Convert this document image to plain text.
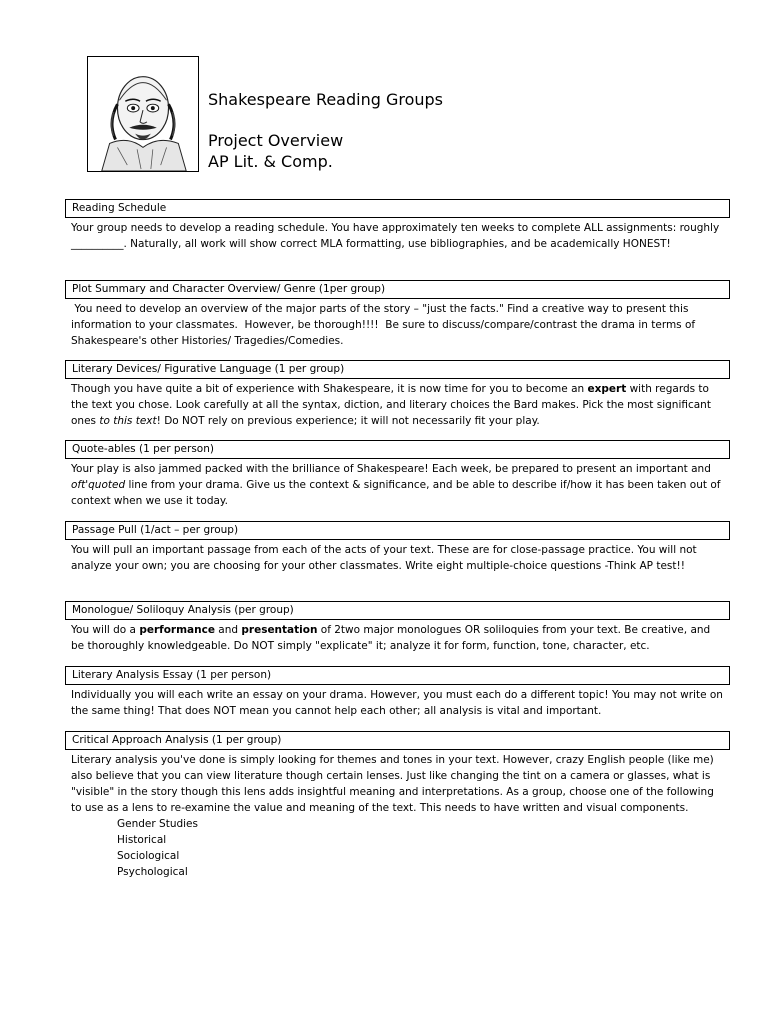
Shakespeare Reading Groups
Project Overview
AP Lit. & Comp.
Reading Schedule

Your group needs to develop a reading schedule. You have approximately ten weeks to complete ALL assignments: roughly __________. Naturally, all work will show correct MLA formatting, use bibliographies, and be academically HONEST!

Plot Summary and Character Overview/ Genre (1per group)

You need to develop an overview of the major parts of the story – "just the facts." Find a creative way to present this information to your classmates.  However, be thorough!!!!  Be sure to discuss/compare/contrast the drama in terms of Shakespeare's other Histories/ Tragedies/Comedies.

Literary Devices/ Figurative Language (1 per group)

Though you have quite a bit of experience with Shakespeare, it is now time for you to become an expert with regards to the text you chose. Look carefully at all the syntax, diction, and literary choices the Bard makes. Pick the most significant ones to this text! Do NOT rely on previous experience; it will not necessarily fit your play.

Quote-ables (1 per person)

Your play is also jammed packed with the brilliance of Shakespeare! Each week, be prepared to present an important and oft'quoted line from your drama. Give us the context & significance, and be able to describe if/how it has been taken out of context when we use it today.

Passage Pull (1/act – per group)

You will pull an important passage from each of the acts of your text. These are for close-passage practice. You will not analyze your own; you are choosing for your other classmates. Write eight multiple-choice questions -Think AP test!!

Monologue/ Soliloquy Analysis (per group)

You will do a performance and presentation of 2two major monologues OR soliloquies from your text. Be creative, and be thoroughly knowledgeable. Do NOT simply "explicate" it; analyze it for form, function, tone, character, etc.

Literary Analysis Essay (1 per person)

Individually you will each write an essay on your drama. However, you must each do a different topic! You may not write on the same thing! That does NOT mean you cannot help each other; all analysis is vital and important.

Critical Approach Analysis (1 per group)

Literary analysis you've done is simply looking for themes and tones in your text. However, crazy English people (like me) also believe that you can view literature though certain lenses. Just like changing the tint on a camera or glasses, what is "visible" in the story though this lens adds insightful meaning and interpretations. As a group, choose one of the following to use as a lens to re-examine the value and meaning of the text. This needs to have written and visual components.

Gender Studies
Historical
Sociological
Psychological
